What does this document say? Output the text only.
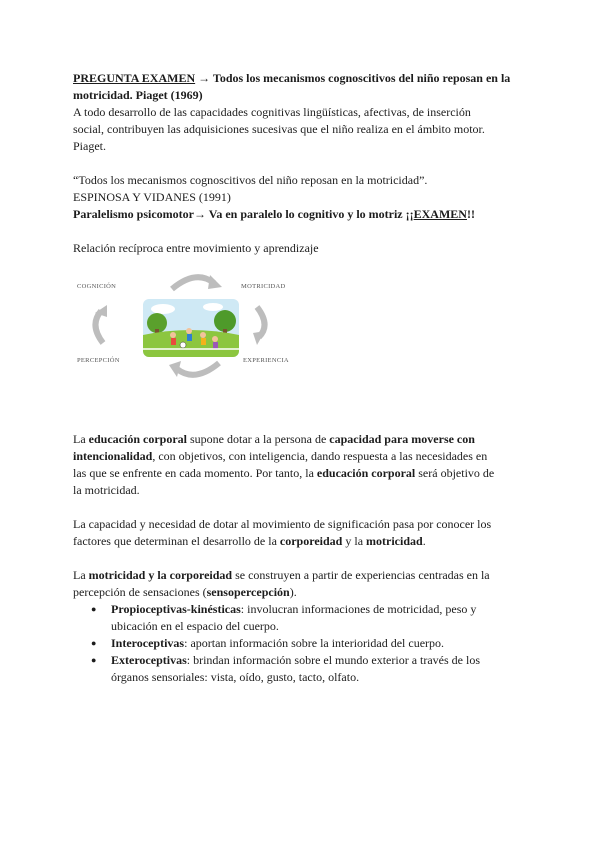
PREGUNTA EXAMEN → Todos los mecanismos cognoscitivos del niño reposan en la

motricidad. Piaget (1969)

A todo desarrollo de las capacidades cognitivas lingüísticas, afectivas, de inserción

social, contribuyen las adquisiciones sucesivas que el niño realiza en el ámbito motor.

Piaget.

“Todos los mecanismos cognoscitivos del niño reposan en la motricidad”.

ESPINOSA Y VIDANES (1991)

Paralelismo psicomotor→ Va en paralelo lo cognitivo y lo motriz ¡¡EXAMEN!!

Relación recíproca entre movimiento y aprendizaje

COGNICIÓN	MOTRICIDAD
PERCEPCIÓN	EXPERIENCIA

La educación corporal supone dotar a la persona de capacidad para moverse con

intencionalidad, con objetivos, con inteligencia, dando respuesta a las necesidades en

las que se enfrente en cada momento. Por tanto, la educación corporal será objetivo de

la motricidad.

La capacidad y necesidad de dotar al movimiento de significación pasa por conocer los

factores que determinan el desarrollo de la corporeidad y la motricidad.

La motricidad y la corporeidad se construyen a partir de experiencias centradas en la

percepción de sensaciones (sensopercepción).

● Propioceptivas-kinésticas: involucran informaciones de motricidad, peso y
ubicación en el espacio del cuerpo.
● Interoceptivas: aportan información sobre la interioridad del cuerpo.
● Exteroceptivas: brindan información sobre el mundo exterior a través de los
órganos sensoriales: vista, oído, gusto, tacto, olfato.
